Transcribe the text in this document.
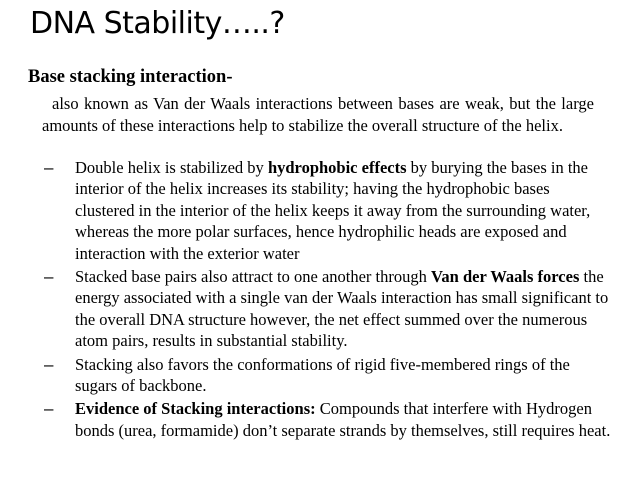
DNA Stability…..?
Base stacking interaction-
also known as Van der Waals interactions between bases are weak, but the large amounts of these interactions help to stabilize the overall structure of the helix.
– Double helix is stabilized by hydrophobic effects by burying the bases in the interior of the helix increases its stability; having the hydrophobic bases clustered in the interior of the helix keeps it away from the surrounding water, whereas the more polar surfaces, hence hydrophilic heads are exposed and interaction with the exterior water
– Stacked base pairs also attract to one another through Van der Waals forces the energy associated with a single van der Waals interaction has small significant to the overall DNA structure however, the net effect summed over the numerous atom pairs, results in substantial stability.
– Stacking also favors the conformations of rigid five-membered rings of the sugars of backbone.
– Evidence of Stacking interactions: Compounds that interfere with Hydrogen bonds (urea, formamide) don’t separate strands by themselves, still requires heat.
